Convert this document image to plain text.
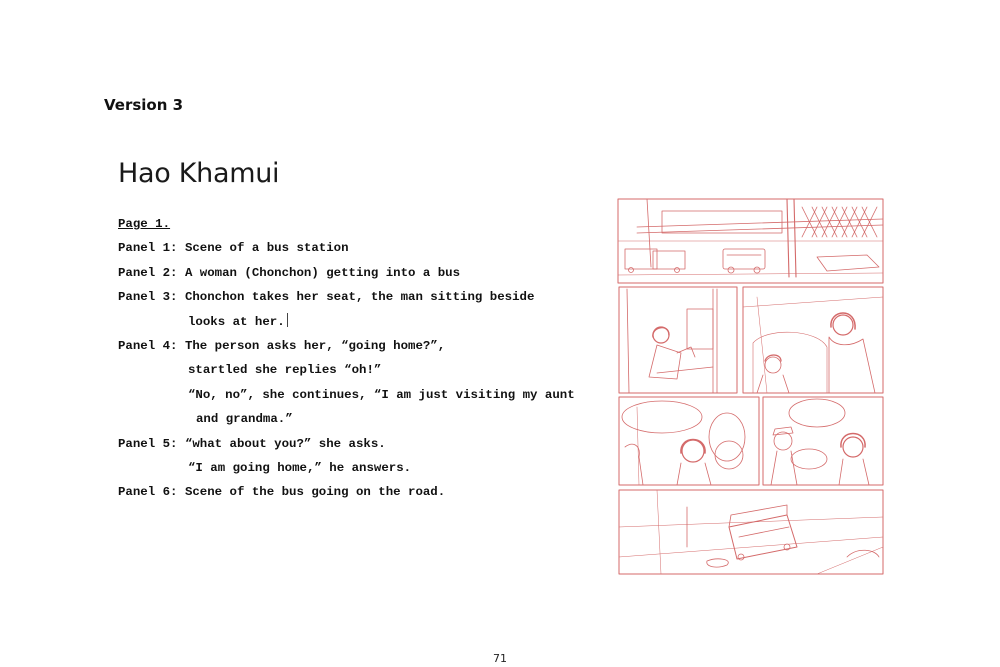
Version 3
Hao Khamui
Page 1.
Panel 1: Scene of a bus station
Panel 2: A woman (Chonchon) getting into a bus
Panel 3: Chonchon takes her seat, the man sitting beside
looks at her.
Panel 4: The person asks her, “going home?”,
startled she replies “oh!”
“No, no”, she continues, “I am just visiting my aunt
and grandma.”
Panel 5: “what about you?” she asks.
“I am going home,” he answers.
Panel 6: Scene of the bus going on the road.
71
